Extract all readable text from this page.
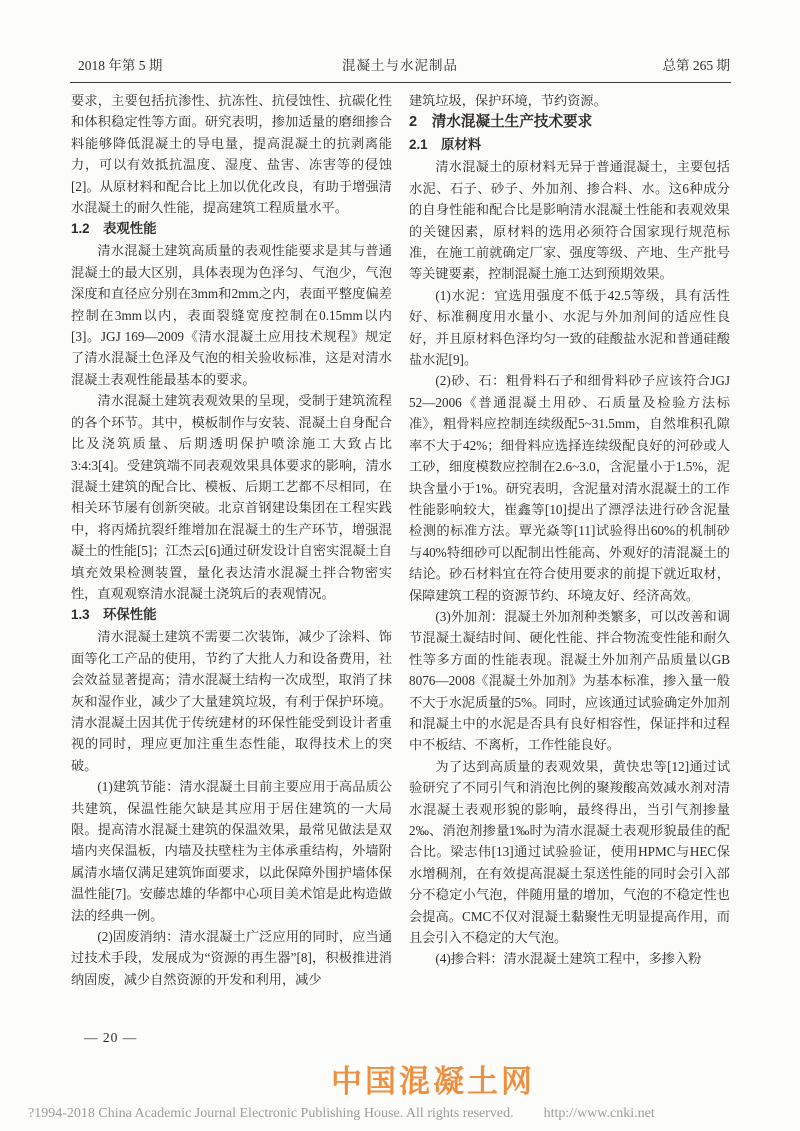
2018 年第 5 期	混凝土与水泥制品	总第 265 期

要求，主要包括抗渗性、抗冻性、抗侵蚀性、抗碳化性和体积稳定性等方面。研究表明，掺加适量的磨细掺合料能够降低混凝土的导电量，提高混凝土的抗剥离能力，可以有效抵抗温度、湿度、盐害、冻害等的侵蚀[2]。从原材料和配合比上加以优化改良，有助于增强清水混凝土的耐久性能，提高建筑工程质量水平。

1.2　表观性能

清水混凝土建筑高质量的表观性能要求是其与普通混凝土的最大区别，具体表现为色泽匀、气泡少，气泡深度和直径应分别在3mm和2mm之内，表面平整度偏差控制在3mm以内，表面裂缝宽度控制在0.15mm以内[3]。JGJ 169—2009《清水混凝土应用技术规程》规定了清水混凝土色泽及气泡的相关验收标准，这是对清水混凝土表观性能最基本的要求。

清水混凝土建筑表观效果的呈现，受制于建筑流程的各个环节。其中，模板制作与安装、混凝土自身配合比及浇筑质量、后期透明保护喷涂施工大致占比3:4:3[4]。受建筑端不同表观效果具体要求的影响，清水混凝土建筑的配合比、模板、后期工艺都不尽相同，在相关环节屡有创新突破。北京首钢建设集团在工程实践中，将丙烯抗裂纤维增加在混凝土的生产环节，增强混凝土的性能[5]；江杰云[6]通过研发设计自密实混凝土自填充效果检测装置，量化表达清水混凝土拌合物密实性，直观观察清水混凝土浇筑后的表观情况。

1.3　环保性能

清水混凝土建筑不需要二次装饰，减少了涂料、饰面等化工产品的使用，节约了大批人力和设备费用，社会效益显著提高；清水混凝土结构一次成型，取消了抹灰和湿作业，减少了大量建筑垃圾，有利于保护环境。清水混凝土因其优于传统建材的环保性能受到设计者重视的同时，理应更加注重生态性能，取得技术上的突破。

(1)建筑节能：清水混凝土目前主要应用于高品质公共建筑，保温性能欠缺是其应用于居住建筑的一大局限。提高清水混凝土建筑的保温效果，最常见做法是双墙内夹保温板，内墙及扶壁柱为主体承重结构，外墙附属清水墙仅满足建筑饰面要求，以此保障外围护墙体保温性能[7]。安藤忠雄的华都中心项目美术馆是此构造做法的经典一例。

(2)固废消纳：清水混凝土广泛应用的同时，应当通过技术手段，发展成为“资源的再生器”[8]，积极推进消纳固废，减少自然资源的开发和利用，减少

建筑垃圾，保护环境，节约资源。

2　清水混凝土生产技术要求
2.1　原材料

清水混凝土的原材料无异于普通混凝土，主要包括水泥、石子、砂子、外加剂、掺合料、水。这6种成分的自身性能和配合比是影响清水混凝土性能和表观效果的关键因素，原材料的选用必须符合国家现行规范标准，在施工前就确定厂家、强度等级、产地、生产批号等关键要素，控制混凝土施工达到预期效果。

(1)水泥：宜选用强度不低于42.5等级，具有活性好、标准稠度用水量小、水泥与外加剂间的适应性良好，并且原材料色泽均匀一致的硅酸盐水泥和普通硅酸盐水泥[9]。

(2)砂、石：粗骨料石子和细骨料砂子应该符合JGJ 52—2006《普通混凝土用砂、石质量及检验方法标准》，粗骨料应控制连续级配5~31.5mm，自然堆积孔隙率不大于42%；细骨料应选择连续级配良好的河砂或人工砂，细度模数应控制在2.6~3.0，含泥量小于1.5%，泥块含量小于1%。研究表明，含泥量对清水混凝土的工作性能影响较大，崔鑫等[10]提出了漂浮法进行砂含泥量检测的标准方法。覃光焱等[11]试验得出60%的机制砂与40%特细砂可以配制出性能高、外观好的清混凝土的结论。砂石材料宜在符合使用要求的前提下就近取材，保障建筑工程的资源节约、环境友好、经济高效。

(3)外加剂：混凝土外加剂种类繁多，可以改善和调节混凝土凝结时间、硬化性能、拌合物流变性能和耐久性等多方面的性能表现。混凝土外加剂产品质量以GB 8076—2008《混凝土外加剂》为基本标准，掺入量一般不大于水泥质量的5%。同时，应该通过试验确定外加剂和混凝土中的水泥是否具有良好相容性，保证拌和过程中不板结、不离析，工作性能良好。

为了达到高质量的表观效果，黄快忠等[12]通过试验研究了不同引气和消泡比例的聚羧酸高效减水剂对清水混凝土表观形貌的影响，最终得出，当引气剂掺量2‰、消泡剂掺量1‰时为清水混凝土表观形貌最佳的配合比。梁志伟[13]通过试验验证，使用HPMC与HEC保水增稠剂，在有效提高混凝土泵送性能的同时会引入部分不稳定小气泡，伴随用量的增加，气泡的不稳定性也会提高。CMC不仅对混凝土黏聚性无明显提高作用，而且会引入不稳定的大气泡。

(4)掺合料：清水混凝土建筑工程中，多掺入粉

— 20 —
中国混凝土网
?1994-2018 China Academic Journal Electronic Publishing House. All rights reserved. http://www.cnki.net
